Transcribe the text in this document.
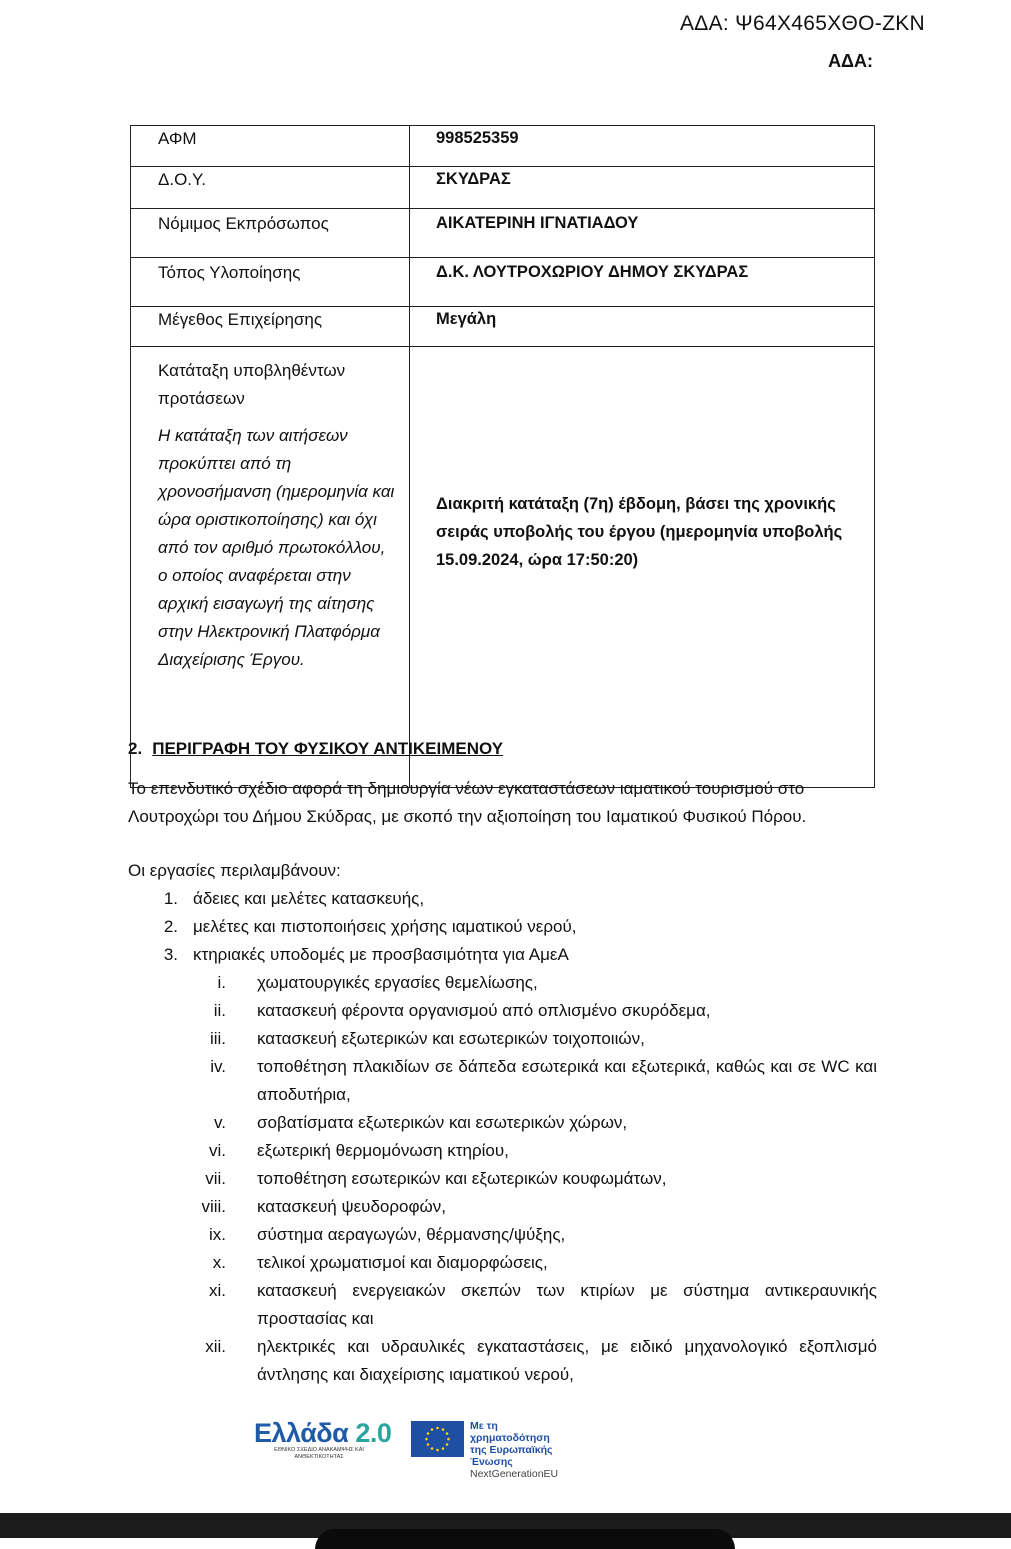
ΑΔΑ: Ψ64Χ465ΧΘΟ-ΖΚΝ
ΑΔΑ:
ΑΦΜ	998525359
Δ.Ο.Υ.	ΣΚΥΔΡΑΣ
Νόμιμος Εκπρόσωπος	ΑΙΚΑΤΕΡΙΝΗ ΙΓΝΑΤΙΑΔΟΥ
Τόπος Υλοποίησης	Δ.Κ. ΛΟΥΤΡΟΧΩΡΙΟΥ ΔΗΜΟΥ ΣΚΥΔΡΑΣ
Μέγεθος Επιχείρησης	Μεγάλη

Κατάταξη υποβληθέντων προτάσεων
Η κατάταξη των αιτήσεων προκύπτει από τη χρονοσήμανση (ημερομηνία και ώρα οριστικοποίησης) και όχι από τον αριθμό πρωτοκόλλου, ο οποίος αναφέρεται στην αρχική εισαγωγή της αίτησης στην Ηλεκτρονική Πλατφόρμα Διαχείρισης Έργου.	Διακριτή κατάταξη (7η) έβδομη, βάσει της χρονικής σειράς υποβολής του έργου (ημερομηνία υποβολής 15.09.2024, ώρα 17:50:20)
2. ΠΕΡΙΓΡΑΦΗ ΤΟΥ ΦΥΣΙΚΟΥ ΑΝΤΙΚΕΙΜΕΝΟΥ
Το επενδυτικό σχέδιο αφορά τη δημιουργία νέων εγκαταστάσεων ιαματικού τουρισμού στο Λουτροχώρι του Δήμου Σκύδρας, με σκοπό την αξιοποίηση του Ιαματικού Φυσικού Πόρου.
Οι εργασίες περιλαμβάνουν:
1. άδειες και μελέτες κατασκευής,
2. μελέτες και πιστοποιήσεις χρήσης ιαματικού νερού,
3. κτηριακές υποδομές με προσβασιμότητα για ΑμεΑ
i. χωματουργικές εργασίες θεμελίωσης,
ii. κατασκευή φέροντα οργανισμού από οπλισμένο σκυρόδεμα,
iii. κατασκευή εξωτερικών και εσωτερικών τοιχοποιιών,
iv. τοποθέτηση πλακιδίων σε δάπεδα εσωτερικά και εξωτερικά, καθώς και σε WC και αποδυτήρια,
v. σοβατίσματα εξωτερικών και εσωτερικών χώρων,
vi. εξωτερική θερμομόνωση κτηρίου,
vii. τοποθέτηση εσωτερικών και εξωτερικών κουφωμάτων,
viii. κατασκευή ψευδοροφών,
ix. σύστημα αεραγωγών, θέρμανσης/ψύξης,
x. τελικοί χρωματισμοί και διαμορφώσεις,
xi. κατασκευή ενεργειακών σκεπών των κτιρίων με σύστημα αντικεραυνικής προστασίας και
xii. ηλεκτρικές και υδραυλικές εγκαταστάσεις, με ειδικό μηχανολογικό εξοπλισμό άντλησης και διαχείρισης ιαματικού νερού,
Ελλάδα 2.0
ΕΘΝΙΚΟ ΣΧΕΔΙΟ ΑΝΑΚΑΜΨΗΣ ΚΑΙ ΑΝΘΕΚΤΙΚΟΤΗΤΑΣ
Με τη χρηματοδότηση
της Ευρωπαϊκής Ένωσης
NextGenerationEU
